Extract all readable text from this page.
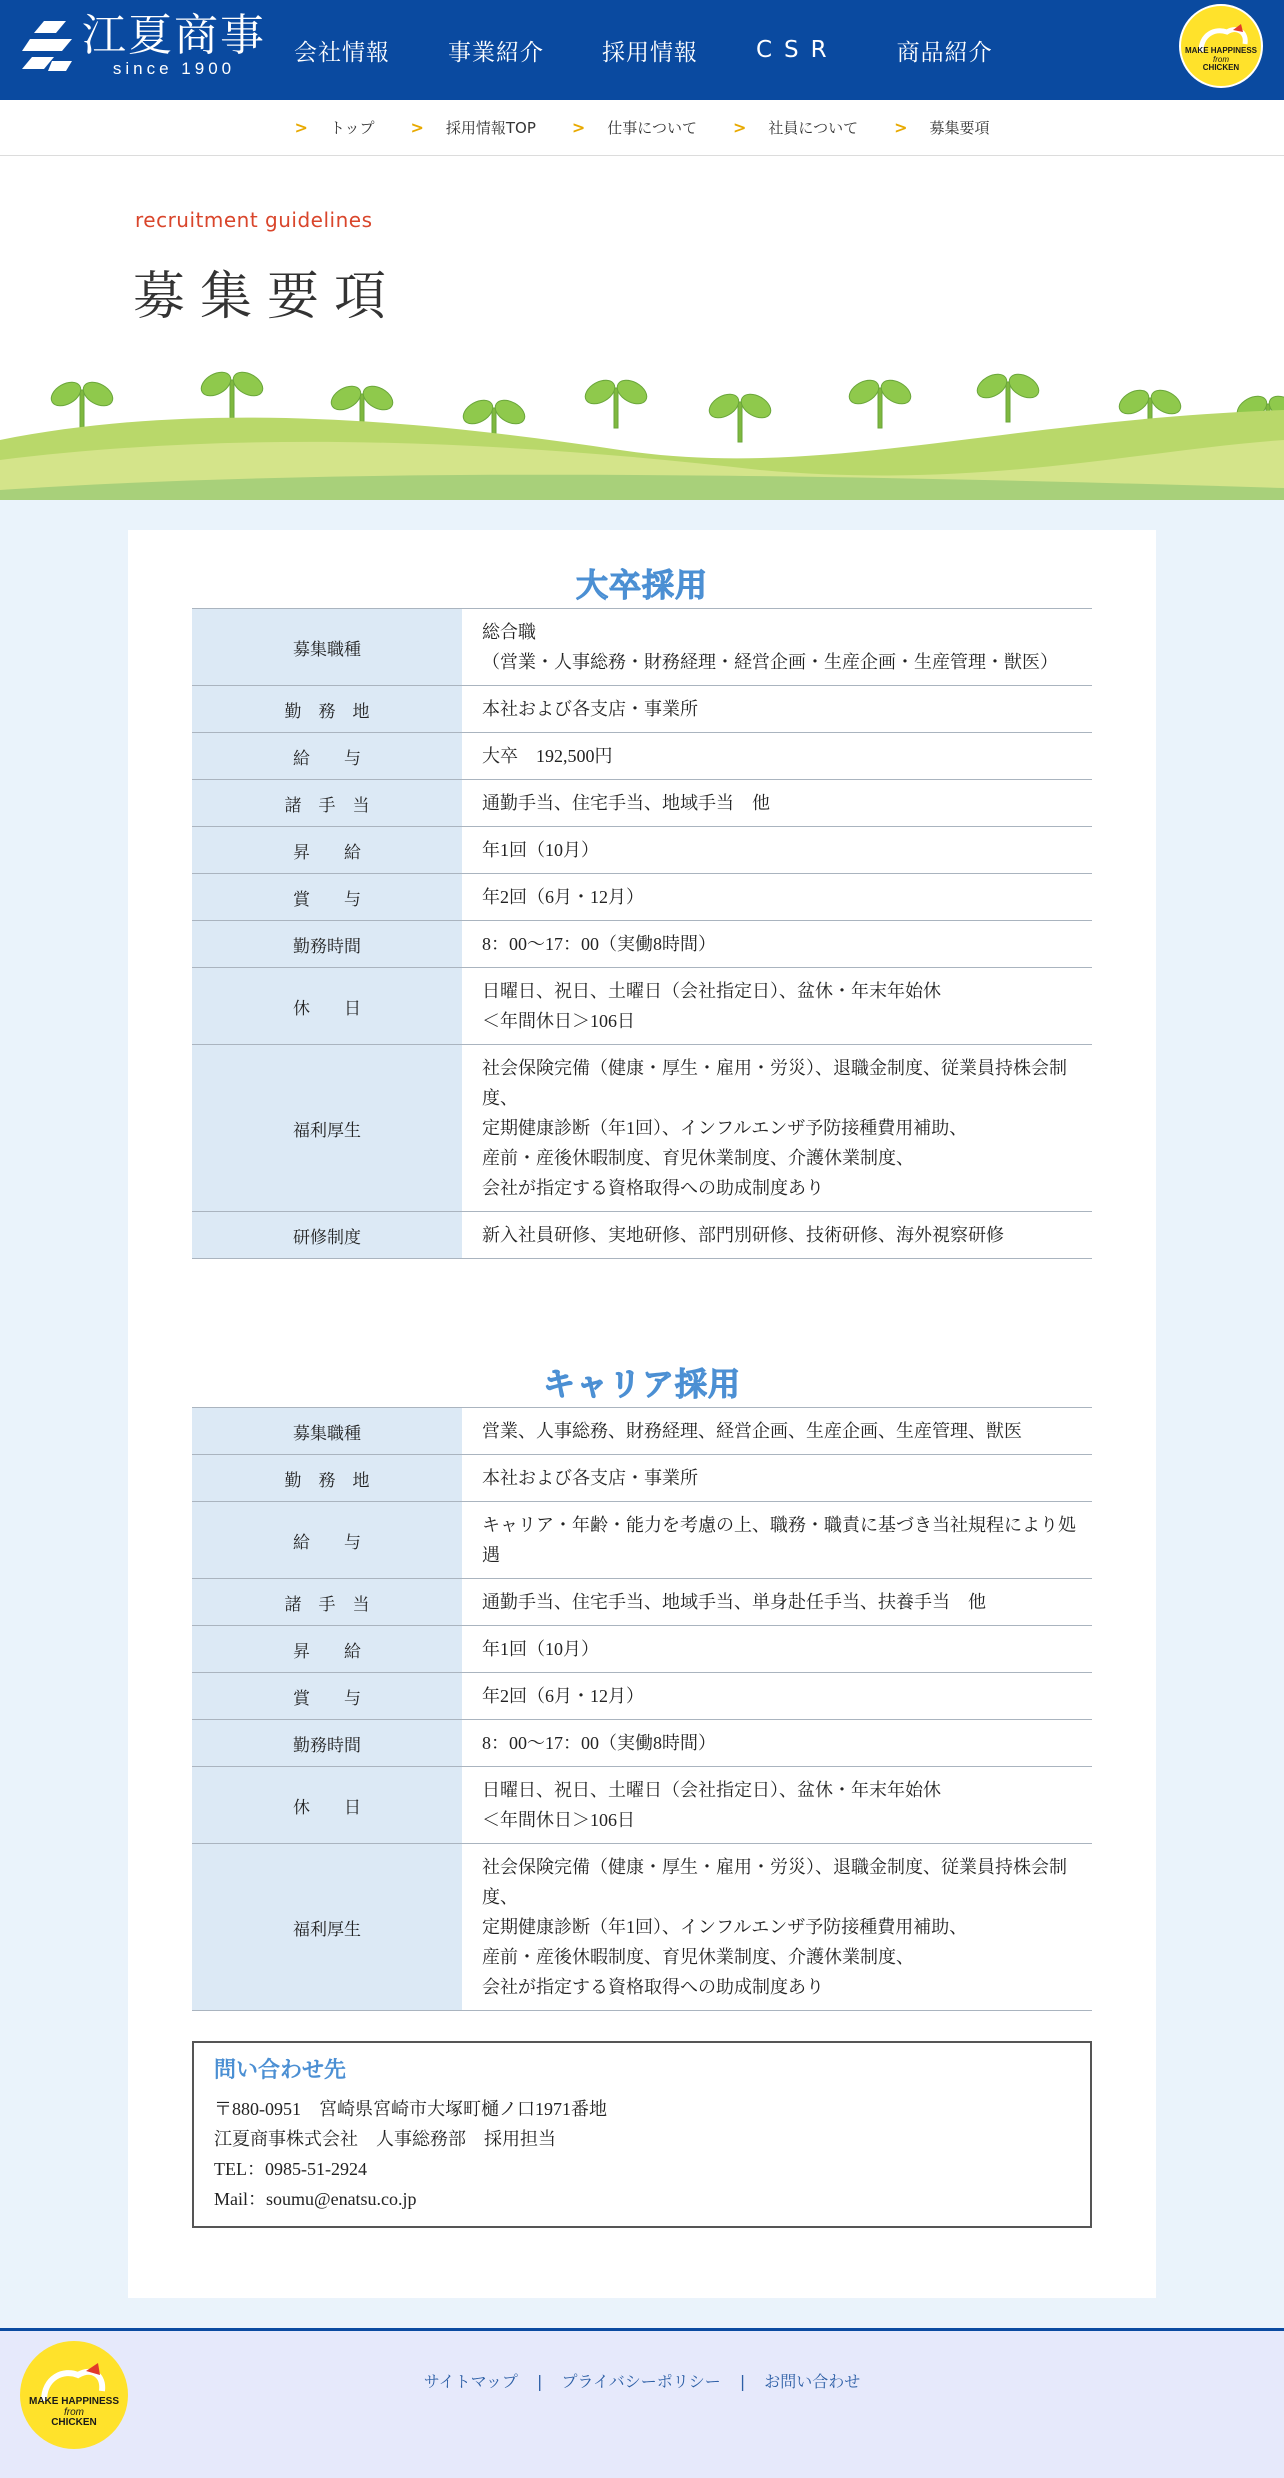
江夏商事
since 1900
会社情報	事業紹介	採用情報	CSR	商品紹介	MAKE HAPPINESS
from
CHICKEN
> トップ > 採用情報TOP > 仕事について > 社員について > 募集要項
recruitment guidelines
募集要項
大卒採用
募集職種	総合職
（営業・人事総務・財務経理・経営企画・生産企画・生産管理・獣医）

勤　務　地	本社および各支店・事業所

給　　与	大卒　192,500円

諸　手　当	通勤手当、住宅手当、地域手当　他

昇　　給	年1回（10月）

賞　　与	年2回（6月・12月）

勤務時間	8：00～17：00（実働8時間）

休　　日	日曜日、祝日、土曜日（会社指定日）、盆休・年末年始休
＜年間休日＞106日

福利厚生	社会保険完備（健康・厚生・雇用・労災）、退職金制度、従業員持株会制度、
定期健康診断（年1回）、インフルエンザ予防接種費用補助、
産前・産後休暇制度、育児休業制度、介護休業制度、
会社が指定する資格取得への助成制度あり

研修制度	新入社員研修、実地研修、部門別研修、技術研修、海外視察研修
キャリア採用
募集職種	営業、人事総務、財務経理、経営企画、生産企画、生産管理、獣医

勤　務　地	本社および各支店・事業所

給　　与	キャリア・年齢・能力を考慮の上、職務・職責に基づき当社規程により処遇

諸　手　当	通勤手当、住宅手当、地域手当、単身赴任手当、扶養手当　他

昇　　給	年1回（10月）

賞　　与	年2回（6月・12月）

勤務時間	8：00～17：00（実働8時間）

休　　日	日曜日、祝日、土曜日（会社指定日）、盆休・年末年始休
＜年間休日＞106日

福利厚生	社会保険完備（健康・厚生・雇用・労災）、退職金制度、従業員持株会制度、
定期健康診断（年1回）、インフルエンザ予防接種費用補助、
産前・産後休暇制度、育児休業制度、介護休業制度、
会社が指定する資格取得への助成制度あり
問い合わせ先
〒880-0951　宮崎県宮崎市大塚町樋ノ口1971番地
江夏商事株式会社　人事総務部　採用担当
TEL：0985-51-2924
Mail：soumu@enatsu.co.jp
MAKE HAPPINESS
from
CHICKEN
サイトマップ | プライバシーポリシー | お問い合わせ
